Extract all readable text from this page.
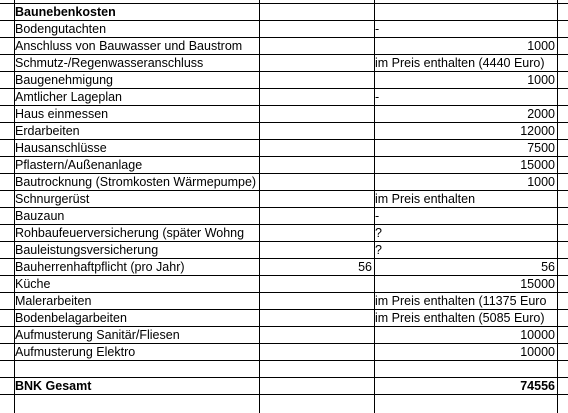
Baunebenkosten
Bodengutachten	-
Anschluss von Bauwasser und Baustrom	1000
Schmutz-/Regenwasseranschluss	im Preis enthalten (4440 Euro)
Baugenehmigung	1000
Amtlicher Lageplan	-
Haus einmessen	2000
Erdarbeiten	12000
Hausanschlüsse	7500
Pflastern/Außenanlage	15000
Bautrocknung (Stromkosten Wärmepumpe)	1000
Schnurgerüst	im Preis enthalten
Bauzaun	-
Rohbaufeuerversicherung (später Wohng	?
Bauleistungsversicherung	?
Bauherrenhaftpflicht (pro Jahr)	56	56
Küche	15000
Malerarbeiten	im Preis enthalten (11375 Euro
Bodenbelagarbeiten	im Preis enthalten (5085 Euro)
Aufmusterung Sanitär/Fliesen	10000
Aufmusterung Elektro	10000
BNK Gesamt	74556
